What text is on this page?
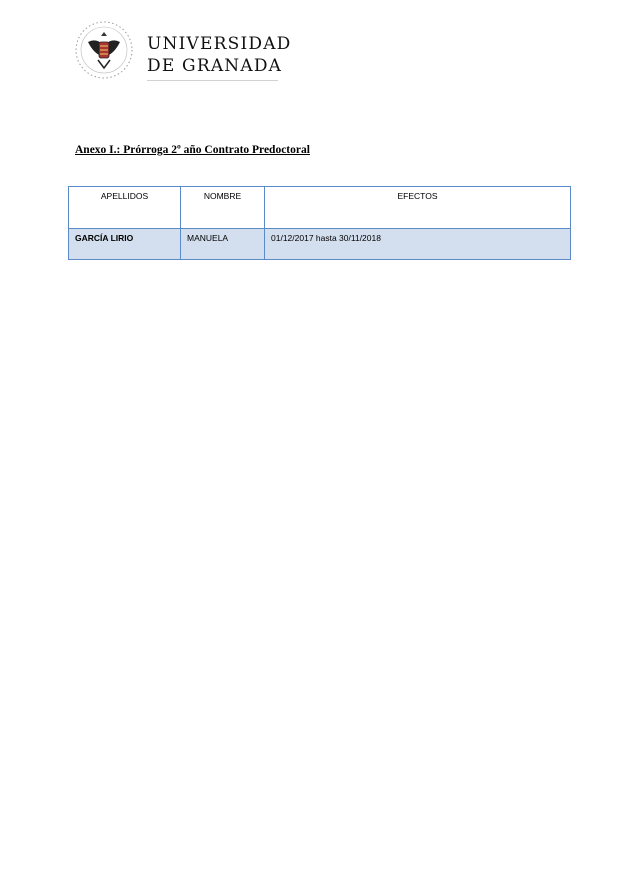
UNIVERSIDAD
DE GRANADA
Anexo I.: Prórroga 2º año Contrato Predoctoral
APELLIDOS	NOMBRE	EFECTOS
GARCÍA LIRIO	MANUELA	01/12/2017 hasta 30/11/2018
